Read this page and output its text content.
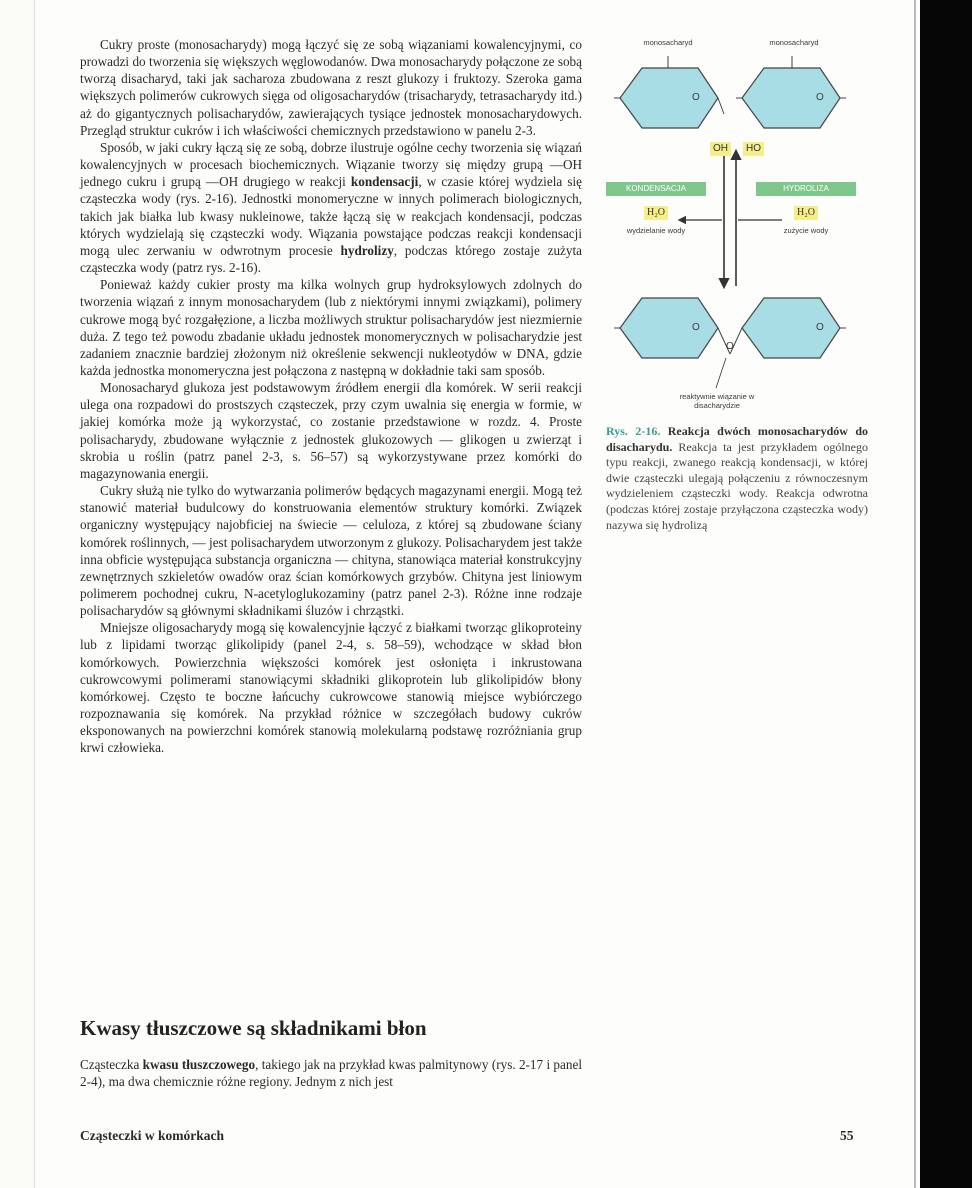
Cukry proste (monosacharydy) mogą łączyć się ze sobą wiązaniami kowalencyjnymi, co prowadzi do tworzenia się większych węglowodanów. Dwa monosacharydy połączone ze sobą tworzą disacharyd, taki jak sacharoza zbudowana z reszt glukozy i fruktozy. Szeroka gama większych polimerów cukrowych sięga od oligosacharydów (trisacharydy, tetrasacharydy itd.) aż do gigantycznych polisacharydów, zawierających tysiące jednostek monosacharydowych. Przegląd struktur cukrów i ich właściwości chemicznych przedstawiono w panelu 2-3.

Sposób, w jaki cukry łączą się ze sobą, dobrze ilustruje ogólne cechy tworzenia się wiązań kowalencyjnych w procesach biochemicznych. Wiązanie tworzy się między grupą —OH jednego cukru i grupą —OH drugiego w reakcji kondensacji, w czasie której wydziela się cząsteczka wody (rys. 2-16). Jednostki monomeryczne w innych polimerach biologicznych, takich jak białka lub kwasy nukleinowe, także łączą się w reakcjach kondensacji, podczas których wydzielają się cząsteczki wody. Wiązania powstające podczas reakcji kondensacji mogą ulec zerwaniu w odwrotnym procesie hydrolizy, podczas którego zostaje zużyta cząsteczka wody (patrz rys. 2-16).

Ponieważ każdy cukier prosty ma kilka wolnych grup hydroksylowych zdolnych do tworzenia wiązań z innym monosacharydem (lub z niektórymi innymi związkami), polimery cukrowe mogą być rozgałęzione, a liczba możliwych struktur polisacharydów jest niezmiernie duża. Z tego też powodu zbadanie układu jednostek monomerycznych w polisacharydzie jest zadaniem znacznie bardziej złożonym niż określenie sekwencji nukleotydów w DNA, gdzie każda jednostka monomeryczna jest połączona z następną w dokładnie taki sam sposób.

Monosacharyd glukoza jest podstawowym źródłem energii dla komórek. W serii reakcji ulega ona rozpadowi do prostszych cząsteczek, przy czym uwalnia się energia w formie, w jakiej komórka może ją wykorzystać, co zostanie przedstawione w rozdz. 4. Proste polisacharydy, zbudowane wyłącznie z jednostek glukozowych — glikogen u zwierząt i skrobia u roślin (patrz panel 2-3, s. 56–57) są wykorzystywane przez komórki do magazynowania energii.

Cukry służą nie tylko do wytwarzania polimerów będących magazynami energii. Mogą też stanowić materiał budulcowy do konstruowania elementów struktury komórki. Związek organiczny występujący najobficiej na świecie — celuloza, z której są zbudowane ściany komórek roślinnych, — jest polisacharydem utworzonym z glukozy. Polisacharydem jest także inna obficie występująca substancja organiczna — chityna, stanowiąca materiał konstrukcyjny zewnętrznych szkieletów owadów oraz ścian komórkowych grzybów. Chityna jest liniowym polimerem pochodnej cukru, N-acetyloglukozaminy (patrz panel 2-3). Różne inne rodzaje polisacharydów są głównymi składnikami śluzów i chrząstki.

Mniejsze oligosacharydy mogą się kowalencyjnie łączyć z białkami tworząc glikoproteiny lub z lipidami tworząc glikolipidy (panel 2-4, s. 58–59), wchodzące w skład błon komórkowych. Powierzchnia większości komórek jest osłonięta i inkrustowana cukrowcowymi polimerami stanowiącymi składniki glikoprotein lub glikolipidów błony komórkowej. Często te boczne łańcuchy cukrowcowe stanowią miejsce wybiórczego rozpoznawania się komórek. Na przykład różnice w szczegółach budowy cukrów eksponowanych na powierzchni komórek stanowią molekularną podstawę rozróżniania grup krwi człowieka.

Kwasy tłuszczowe są składnikami błon

Cząsteczka kwasu tłuszczowego, takiego jak na przykład kwas palmitynowy (rys. 2-17 i panel 2-4), ma dwa chemicznie różne regiony. Jednym z nich jest

monosacharyd	monosacharyd
O	O
OH	HO
KONDENSACJA	HYDROLIZA
H₂O	H₂O
wydzielanie wody	zużycie wody
O	O
O
reaktywnie wiązanie w disacharydzie
Rys. 2-16. Reakcja dwóch monosacharydów do disacharydu. Reakcja ta jest przykładem ogólnego typu reakcji, zwanego reakcją kondensacji, w której dwie cząsteczki ulegają połączeniu z równoczesnym wydzieleniem cząsteczki wody. Reakcja odwrotna (podczas której zostaje przyłączona cząsteczka wody) nazywa się hydrolizą
Cząsteczki w komórkach	55
